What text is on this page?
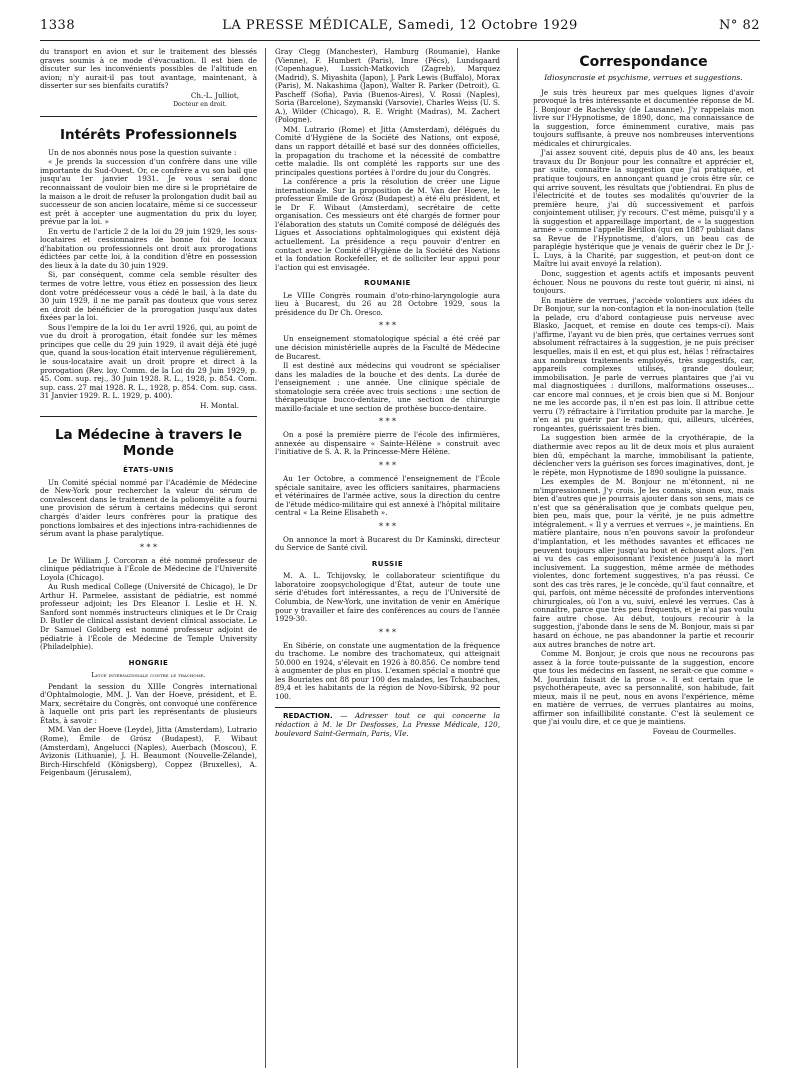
1338	LA PRESSE MÉDICALE, Samedi, 12 Octobre 1929	N° 82

du transport en avion et sur le traitement des blessés graves soumis à ce mode d'évacuation. Il est bien de discuter sur les inconvénients possibles de l'altitude en avion; n'y aurait-il pas tout avantage, maintenant, à disserter sur ses bienfaits curatifs?

Ch.-L. Julliot,

Docteur en droit.

Intérêts Professionnels

Un de nos abonnés nous pose la question suivante :

« Je prends la succession d'un confrère dans une ville importante du Sud-Ouest. Or, ce confrère a vu son bail que jusqu'au 1er janvier 1931. Je vous serai donc reconnaissant de vouloir bien me dire si le propriétaire de la maison a le droit de refuser la prolongation dudit bail au successeur de son ancien locataire, même si ce successeur est prêt à accepter une augmentation du prix du loyer, prévue par la loi. »

En vertu de l'article 2 de la loi du 29 juin 1929, les sous-locataires et cessionnaires de bonne foi de locaux d'habitation ou professionnels ont droit aux prorogations édictées par cette loi, à la condition d'être en possession des lieux à la date du 30 juin 1929.

Si, par conséquent, comme cela semble résulter des termes de votre lettre, vous étiez en possession des lieux dont votre prédécesseur vous a cédé le bail, à la date du 30 juin 1929, il ne me paraît pas douteux que vous serez en droit de bénéficier de la prorogation jusqu'aux dates fixées par la loi.

Sous l'empire de la loi du 1er avril 1926, qui, au point de vue du droit à prorogation, était fondée sur les mêmes principes que celle du 29 juin 1929, il avait déjà été jugé que, quand la sous-location était intervenue régulièrement, le sous-locataire avait un droit propre et direct à la prorogation (Rev. loy. Comm. de la Loi du 29 Juin 1929, p. 45. Com. sup. rej., 30 Juin 1928. R. L., 1928, p. 854. Com. sup. cass. 27 mai 1928. R. L., 1928, p. 854. Com. sup. cass. 31 Janvier 1929. R. L. 1929, p. 400).

H. Montal.

La Médecine à travers le Monde
ÉTATS-UNIS

Un Comité spécial nommé par l'Académie de Médecine de New-York pour rechercher la valeur du sérum de convalescent dans le traitement de la poliomyélite a fourni une provision de sérum à certains médecins qui seront chargés d'aider leurs confrères pour la pratique des ponctions lombaires et des injections intra-rachidiennes de sérum avant la phase paralytique.

* * *

Le Dr William J. Corcoran a été nommé professeur de clinique pédiatrique à l'École de Médecine de l'Université Loyola (Chicago).

Au Rush medical College (Université de Chicago), le Dr Arthur H. Parmelee, assistant de pédiatrie, est nommé professeur adjoint; les Drs Eleanor I. Leslie et H. N. Sanford sont nommés instructeurs cliniques et le Dr Craig D. Butler de clinical assistant devient clinical associate. Le Dr Samuel Goldberg est nommé professeur adjoint de pédiatrie à l'École de Médecine de Temple University (Philadelphie).

HONGRIE

Ligue internationale contre le trachome.

Pendant la session du XIIIe Congrès international d'Ophtalmologie, MM. J. Van der Hoeve, président, et E. Marx, secrétaire du Congrès, ont convoqué une conférence à laquelle ont pris part les représentants de plusieurs États, à savoir :

MM. Van der Hoeve (Leyde), Jitta (Amsterdam), Lutrario (Rome), Émile de Grósz (Budapest), F. Wibaut (Amsterdam), Angelucci (Naples), Auerbach (Moscou), F. Avizonis (Lithuanie), J. H. Beaumont (Nouvelle-Zélande), Birch-Hirschfeld (Königsberg), Coppez (Bruxelles), A. Feigenbaum (Jérusalem),

Gray Clegg (Manchester), Hamburg (Roumanie), Hanke (Vienne), F. Humbert (Paris), Imre (Pécs), Lundsgaard (Copenhague), Lussich-Matkovich (Zagreb), Marquez (Madrid), S. Miyashita (Japon), J. Park Lewis (Buffalo), Morax (Paris), M. Nakashima (Japon), Walter R. Parker (Detroit), G. Pascheff (Sofia), Pavia (Buenos-Aires), V. Rossi (Naples), Soria (Barcelone), Szymanski (Varsovie), Charles Weiss (U. S. A.), Wilder (Chicago), R. E. Wright (Madras), M. Zachert (Pologne).

MM. Lutrario (Rome) et Jitta (Amsterdam), délégués du Comité d'Hygiène de la Société des Nations, ont exposé, dans un rapport détaillé et basé sur des données officielles, la propagation du trachome et la nécessité de combattre cette maladie. Ils ont complété les rapports sur une des principales questions portées à l'ordre du jour du Congrès.

La conférence a pris la résolution de créer une Ligue internationale. Sur la proposition de M. Van der Hoeve, le professeur Émile de Grósz (Budapest) a été élu président, et le Dr F. Wibaut (Amsterdam), secrétaire de cette organisation. Ces messieurs ont été chargés de former pour l'élaboration des statuts un Comité composé de délégués des Ligues et Associations ophtalmologiques qui existent déjà actuellement. La présidence a reçu pouvoir d'entrer en contact avec le Comité d'Hygiène de la Société des Nations et la fondation Rockefeller, et de solliciter leur appui pour l'action qui est envisagée.

ROUMANIE

Le VIIIe Congrès roumain d'oto-rhino-laryngologie aura lieu à Bucarest, du 26 au 28 Octobre 1929, sous la présidence du Dr Ch. Oresco.

* * *

Un enseignement stomatologique spécial a été créé par une décision ministérielle auprès de la Faculté de Médecine de Bucarest.

Il est destiné aux médecins qui voudront se spécialiser dans les maladies de la bouche et des dents. La durée de l'enseignement : une année. Une clinique spéciale de stomatologie sera créée avec trois sections : une section de thérapeutique bucco-dentaire, une section de chirurgie maxillo-faciale et une section de prothèse bucco-dentaire.

* * *

On a posé la première pierre de l'école des infirmières, annexée au dispensaire « Sainte-Hélène » construit avec l'initiative de S. A. R. la Princesse-Mère Hélène.

* * *

Au 1er Octobre, a commencé l'enseignement de l'École spéciale sanitaire, avec les officiers sanitaires, pharmaciens et vétérinaires de l'armée active, sous la direction du centre de l'étude médico-militaire qui est annexé à l'hôpital militaire central « La Reine Elisabeth ».

* * *

On annonce la mort à Bucarest du Dr Kaminski, directeur du Service de Santé civil.

RUSSIE

M. A. L. Tchijovsky, le collaborateur scientifique du laboratoire zoopsychologique d'État, auteur de toute une série d'études fort intéressantes, a reçu de l'Université de Columbia, de New-York, une invitation de venir en Amérique pour y travailler et faire des conférences au cours de l'année 1929-30.

* * *

En Sibérie, on constate une augmentation de la fréquence du trachome. Le nombre des trachomateux, qui atteignait 50.000 en 1924, s'élevait en 1926 à 80.856. Ce nombre tend à augmenter de plus en plus. L'examen spécial a montré que les Bouriates ont 88 pour 100 des malades, les Tchaubaches, 89,4 et les habitants de la région de Novo-Sibirsk, 92 pour 100.

REDACTION. — Adresser tout ce qui concerne la rédaction à M. le Dr Desfosses, La Presse Médicale, 120, boulevard Saint-Germain, Paris, VIe.

Correspondance

Idiosyncrasie et psychisme, verrues et suggestions.

Je suis très heureux par mes quelques lignes d'avoir provoqué la très intéressante et documentée réponse de M. J. Bonjour de Rachevsky (de Lausanne). J'y rappelais mon livre sur l'Hypnotisme, de 1890, donc, ma connaissance de la suggestion, force éminemment curative, mais pas toujours suffisante, à preuve nos nombreuses interventions médicales et chirurgicales.

J'ai assez souvent cité, depuis plus de 40 ans, les beaux travaux du Dr Bonjour pour les connaître et apprécier et, par suite, connaître la suggestion que j'ai pratiquée, et pratique toujours, en annonçant quand je crois être sûr, ce qui arrive souvent, les résultats que j'obtiendrai. En plus de l'électricité et de toutes ses modalités qu'ouvrier de la première heure, j'ai dû successivement et parfois conjointement utiliser, j'y recours. C'est même, puisqu'il y a là suggestion et appareillage important, de « la suggestion armée » comme l'appelle Bérillon (qui en 1887 publiait dans sa Revue de l'Hypnotisme, d'alors, un beau cas de paraplégie hystérique que je venais de guérir chez le Dr J.-L. Luys, à la Charité, par suggestion, et peut-on dont ce Maître lui avait envoyé la relation).

Donc, suggestion et agents actifs et imposants peuvent échouer. Nous ne pouvons du reste tout guérir, ni ainsi, ni toujours.

En matière de verrues, j'accède volontiers aux idées du Dr Bonjour, sur la non-contagion et la non-inoculation (telle la pelade, cru d'abord contagieuse puis nerveuse avec Blasko, Jacquet, et remise en doute ces temps-ci). Mais j'affirme, l'ayant vu de bien près, que certaines verrues sont absolument réfractaires à la suggestion, je ne puis préciser lesquelles, mais il en est, et qui plus est, hélas ! réfractaires aux nombreux traitements employés, très suggestifs, car, appareils complexes utilisés, grande douleur, immobilisation. Je parle de verrues plantaires que j'ai vu mal diagnostiquées : durillons, malformations osseuses... car encore mal connues, et je crois bien que si M. Bonjour ne me les accorde pas, il n'en est pas loin. Il attribue cette verru (?) réfractaire à l'irritation produite par la marche. Je n'en ai pu guérir par le radium, qui, ailleurs, ulcérées, rongeantes, guérissaient très bien.

La suggestion bien armée de la cryothérapie, de la diathermie avec repos au lit de deux mois et plus auraient bien dû, empêchant la marche, immobilisant la patiente, déclencher vers la guérison ses forces imaginatives, dont, je le répète, mon Hypnotisme de 1890 souligne la puissance.

Les exemples de M. Bonjour ne m'étonnent, ni ne m'impressionnent. J'y crois. Je les connais, sinon eux, mais bien d'autres que je pourrais ajouter dans son sens, mais ce n'est que sa généralisation que je combats quelque peu, bien peu, mais que, pour la vérité, je ne puis admettre intégralement. « Il y a verrues et verrues », je maintiens. En matière plantaire, nous n'en pouvons savoir la profondeur d'implantation, et les méthodes savantes et efficaces ne peuvent toujours aller jusqu'au bout et échouent alors. J'en ai vu des cas empoisonnant l'existence jusqu'à la mort inclusivement. La suggestion, même armée de méthodes violentes, donc fortement suggestives, n'a pas réussi. Ce sont des cas très rares, je le concède, qu'il faut connaître, et qui, parfois, ont même nécessité de profondes interventions chirurgicales, où l'on a vu, suivi, enlevé les verrues. Cas à connaître, parce que très peu fréquents, et je n'ai pas voulu faire autre chose. Au début, toujours recourir à la suggestion, j'abonde dans le sens de M. Bonjour, mais si par hasard on échoue, ne pas abandonner la partie et recourir aux autres branches de notre art.

Comme M. Bonjour, je crois que nous ne recourons pas assez à la force toute-puissante de la suggestion, encore que tous les médecins en fassent, ne serait-ce que comme « M. Jourdain faisait de la prose ». Il est certain que le psychothérapeute, avec sa personnalité, son habitude, fait mieux, mais il ne peut, nous en avons l'expérience, même en matière de verrues, de verrues plantaires au moins, affirmer son infaillibilité constante. C'est là seulement ce que j'ai voulu dire, et ce que je maintiens.

Foveau de Courmelles.
